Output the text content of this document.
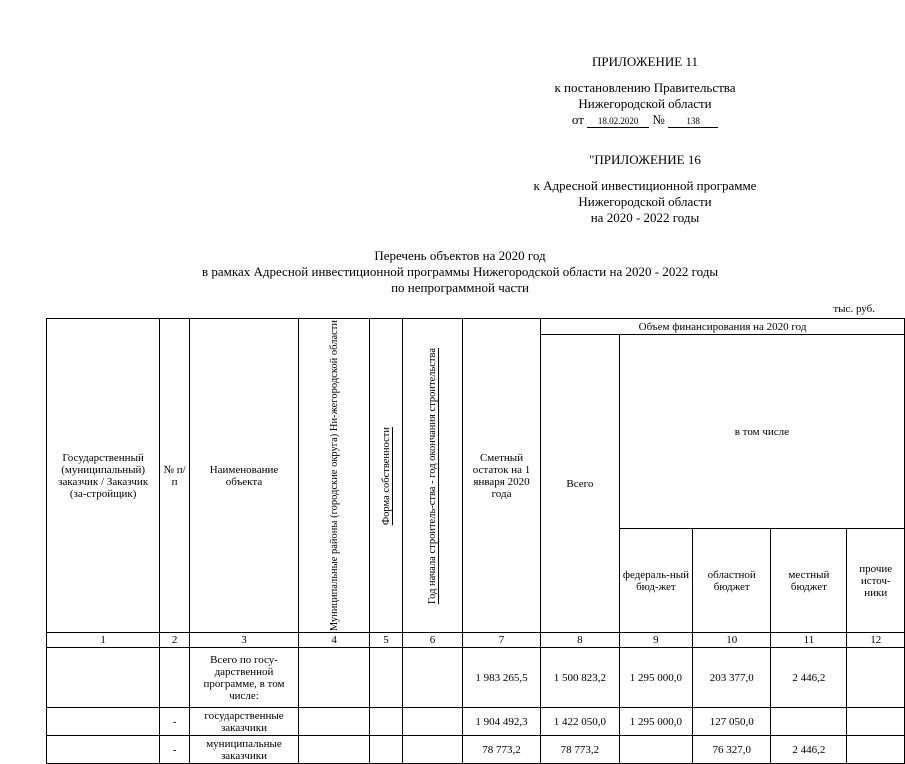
ПРИЛОЖЕНИЕ 11
к постановлению Правительства
Нижегородской области
от 18.02.2020 № 138
"ПРИЛОЖЕНИЕ 16
к Адресной инвестиционной программе
Нижегородской области
на 2020 - 2022 годы
Перечень объектов на 2020 год
в рамках Адресной инвестиционной программы Нижегородской области на 2020 - 2022 годы
по непрограммной части
тыс. руб.
Государственный (муниципальный) заказчик / Заказчик (за-стройщик)	№ п/п	Наименование объекта	Муниципальные районы (городские округа) Ни-жегородской области	Форма собственности	Год начала строитель-ства - год окончания строительства	Сметный остаток на 1 января 2020 года	Объем финансирования на 2020 год				
							Всего	в том числе			
								федераль-ный бюд-жет	областной бюджет	местный бюджет	прочие источ-ники
1	2	3	4	5	6	7	8	9	10	11	12
		Всего по госу-дарственной программе, в том числе:				1 983 265,5	1 500 823,2	1 295 000,0	203 377,0	2 446,2	
	-	государственные заказчики				1 904 492,3	1 422 050,0	1 295 000,0	127 050,0		
	-	муниципальные заказчики				78 773,2	78 773,2		76 327,0	2 446,2	
